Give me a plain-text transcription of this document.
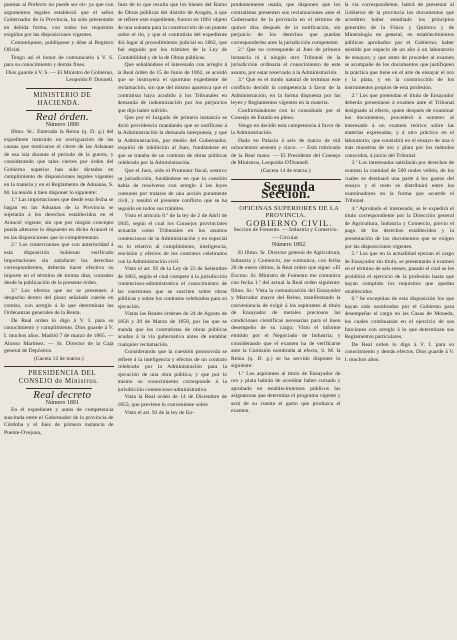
puestas al Prefecto no puede ser ob- ya que con argumentos legales estableció que el señor Gobernador de la Provincia, ha sido presentado en debida forma, con todos los requisitos exigidos por las disposiciones vigentes.

Comuníquese, publíquese y dése al Registro Oficial.

Tengo así el honor de comunicarlo á V. S. para su conocimiento y demás fines.

Dios guarde á V. S. — El Ministro de Gobierno, Leopoldo P. Donnell.

MINISTERIO DE HACIENDA.

Real órden.

Número 1890

Illmo. Sr.: Enterada la Reina (q. D. g.) del expediente instruido en averiguación de las causas que motivaron el cierre de las Aduanas de esa isla durante el periodo de la guerra, y considerando que tales cierres por órden del Gobierno superior han sido dictados en cumplimiento de disposiciones legales vigentes en la materia y en el Reglamento de Aduanas, S. M. ha tenido á bien disponer lo siguiente:

1.º Las importaciones que desde esta fecha se hagan en las Aduanas de la Provincia se sujetarán á los derechos establecidos en el Arancel vigente, sin que por ningún concepto pueda alterarse lo dispuesto en dicho Arancel ni en las disposiciones que lo complementan.

2.º Los comerciantes que con anterioridad á esta disposición hubieran verificado importaciones sin satisfacer los derechos correspondientes, deberán hacer efectivo su importe en el término de treinta días, contados desde la publicación de la presente órden.

3.º Los efectos que no se presenten á despacho dentro del plazo señalado caerán en comiso, con arreglo á lo que determinan las Ordenanzas generales de la Renta.

De Real orden lo digo á V. I. para su conocimiento y cumplimiento. Dios guarde á V. I. muchos años. Madrid 7 de marzo de 1865. — Alonso Martínez. — Sr. Director de la Caja general de Depósitos.

(Gaceta 12 de marzo.)

PRESIDENCIA DEL CONSEJO de Ministros.

Real decreto

Número 1891

En el expediente y autos de competencia suscitada entre el Gobernador de la provincia de Córdoba y el Juez de primera instancia de Puente-Ovejuna,

Juez de lo que resulta que los bienes del Ramo de Obras públicas del distrito de Aragón, á que se refiere este expediente, fueron en 1861 objeto de una subasta para la construcción de un puente sobre el río, y que el contratista del expediente dió lugar al procedimiento judicial en 1862, que fué seguido por los trámites de la Ley de Contabilidad y de la de Obras públicas.

Que señalándose el interesado con arreglo á la Real órden de 15 de Junio de 1862, se acordó que se instruyera el oportuno expediente de reclamación, sin que del mismo aparezca que el contratista haya acudido á los Tribunales en demanda de indemnización por los perjuicios que dijo haber sufrido.

Que por el Juzgado de primera instancia se dictó providencia mandando que se notificase á la Administración la demanda interpuesta, y que la Administración, por medio del Gobernador, requirió de inhibición al Juez, fundándose en que se trataba de un contrato de obras públicas celebrado por la Administración.

Que el Juez, oído el Promotor fiscal, sostuvo su jurisdicción, fundándose en que la cuestión había de resolverse con arreglo á las leyes comunes por tratarse de una acción puramente civil, y resultó el presente conflicto que se ha seguido en todos sus trámites.

Visto el artículo 8.º de la ley de 2 de Abril de 1845, según el cual los Consejos provinciales actuarán como Tribunales en los asuntos contenciosos de la Administración y en especial en lo relativo al cumplimiento, inteligencia, rescisión y efectos de los contratos celebrados con la Administración civil.

Visto el art. 95 de la Ley de 25 de Setiembre de 1863, según el cual compete á la jurisdicción contencioso-administrativa el conocimiento de las cuestiones que se susciten sobre obras públicas y sobre los contratos celebrados para su ejecución.

Vistas las Reales órdenes de 24 de Agosto de 1856 y 20 de Marzo de 1858, por las que se manda que los contratistas de obras públicas acudan á la vía gubernativa antes de entablar cualquier reclamación.

Considerando que la cuestión promovida se refiere á la inteligencia y efectos de un contrato celebrado por la Administración para la ejecución de una obra pública, y que por lo mismo su conocimiento corresponde á la jurisdicción contencioso-administrativa.

Vista la Real orden de 14 de Diciembre de 1853, que previene lo conveniente sobre

Visto el art. 93 de la ley de En-

prudentemente usada, que disponen que los contratistas presenten sus reclamaciones ante el Gobernador de la provincia en el término de quince días después de la notificación, sin perjuicio de los derechos que puedan corresponderles ante la jurisdicción competente.

2.º Que no corresponde al Juez de primera instancia ni á ningún otro Tribunal de la jurisdicción ordinaria el conocimiento de este asunto, por estar reservado á la Administración.

3.º Que es el modo natural de terminar este conflicto decidir la competencia á favor de la Administración, en la forma dispuesta por las leyes y Reglamentos vigentes en la materia.

Conformándome con lo consultado por el Consejo de Estado en pleno.

Vengo en decidir esta competencia á favor de la Administración.

Dado en Palacio á seis de marzo de mil ochocientos sesenta y cinco. — Está rubricado de la Real mano. — El Presidente del Consejo de Ministros, Leopoldo O'Donnell.

(Gaceta 14 de marzo.)

Segunda Seccion.

OFICINAS SUPERIORES DE LA PROVINCIA.

GOBIERNO CIVIL.

Seccion de Fomento. — Industria y Comercio. — Circular.

Número 1892.

El Illmo. Sr. Director general de Agricultura, Industria y Comercio, me comunica, con fecha 28 de enero último, la Real orden que sigue: «El Excmo. Sr. Ministro de Fomento me comunica con fecha 1.º del actual la Real orden siguiente: Illmo. Sr.: Vista la comunicación del Ensayador y Marcador mayor del Reino, manifestando la conveniencia de exigir á los aspirantes al título de Ensayador de metales preciosos las condiciones científicas necesarias para el buen desempeño de su cargo; Visto el informe emitido por el Negociado de Industria; y considerando que el examen ha de verificarse ante la Comisión nombrada al efecto, S. M. la Reina (q. D. g.) se ha servido disponer lo siguiente:

1.º Los aspirantes al título de Ensayador de oro y plata habrán de acreditar haber cursado y aprobado en establecimientos públicos las asignaturas que determina el programa vigente y será de su cuenta el gasto que produzca el examen.

la vía correspondiente, habrá de presentar al Gobierno de la provincia los documentos que acrediten haber estudiado los principios generales de la Física y Química y de Mineralogía en general, en establecimientos públicos aprobados por el Gobierno; haber asistido por espacio de un año á un laboratorio de ensayos; y que antes de proceder al examen se acompañe de los documentos que justifiquen la práctica que tiene en el arte de ensayar el oro y la plata, y en la construcción de los instrumentos propios de esta profesión.

2.º Los que pretendan el título de Ensayador deberán presentarse á examen ante el Tribunal designado al efecto, quien después de examinar los documentos, procederá á someter al interesado á un examen teórico sobre las materias expresadas, y á otro práctico en el laboratorio, que consistirá en el ensayo de una ó más muestras de oro y plata por los métodos conocidos, á juicio del Tribunal.

3.º Los interesados satisfarán por derechos de examen la cantidad de 500 reales vellón, de los cuales se destinará una parte á los gastos del ensayo y el resto se distribuirá entre los examinadores en la forma que acuerde el Tribunal.

4.º Aprobado el interesado, se le expedirá el título correspondiente por la Dirección general de Agricultura, Industria y Comercio, previo el pago de los derechos establecidos y la presentación de los documentos que se exigen por las disposiciones vigentes.

5.º Los que en la actualidad ejerzan el cargo de Ensayador sin título, se presentarán á examen en el término de seis meses, pasado el cual se les prohibirá el ejercicio de la profesión hasta que hayan cumplido los requisitos que quedan establecidos.

6.º Se exceptúan de esta disposición los que hayan sido nombrados por el Gobierno para desempeñar el cargo en las Casas de Moneda, los cuales continuarán en el ejercicio de sus funciones con arreglo á lo que determinan sus Reglamentos particulares.

De Real orden lo digo á V. I. para su conocimiento y demás efectos. Dios guarde á V. I. muchos años.
